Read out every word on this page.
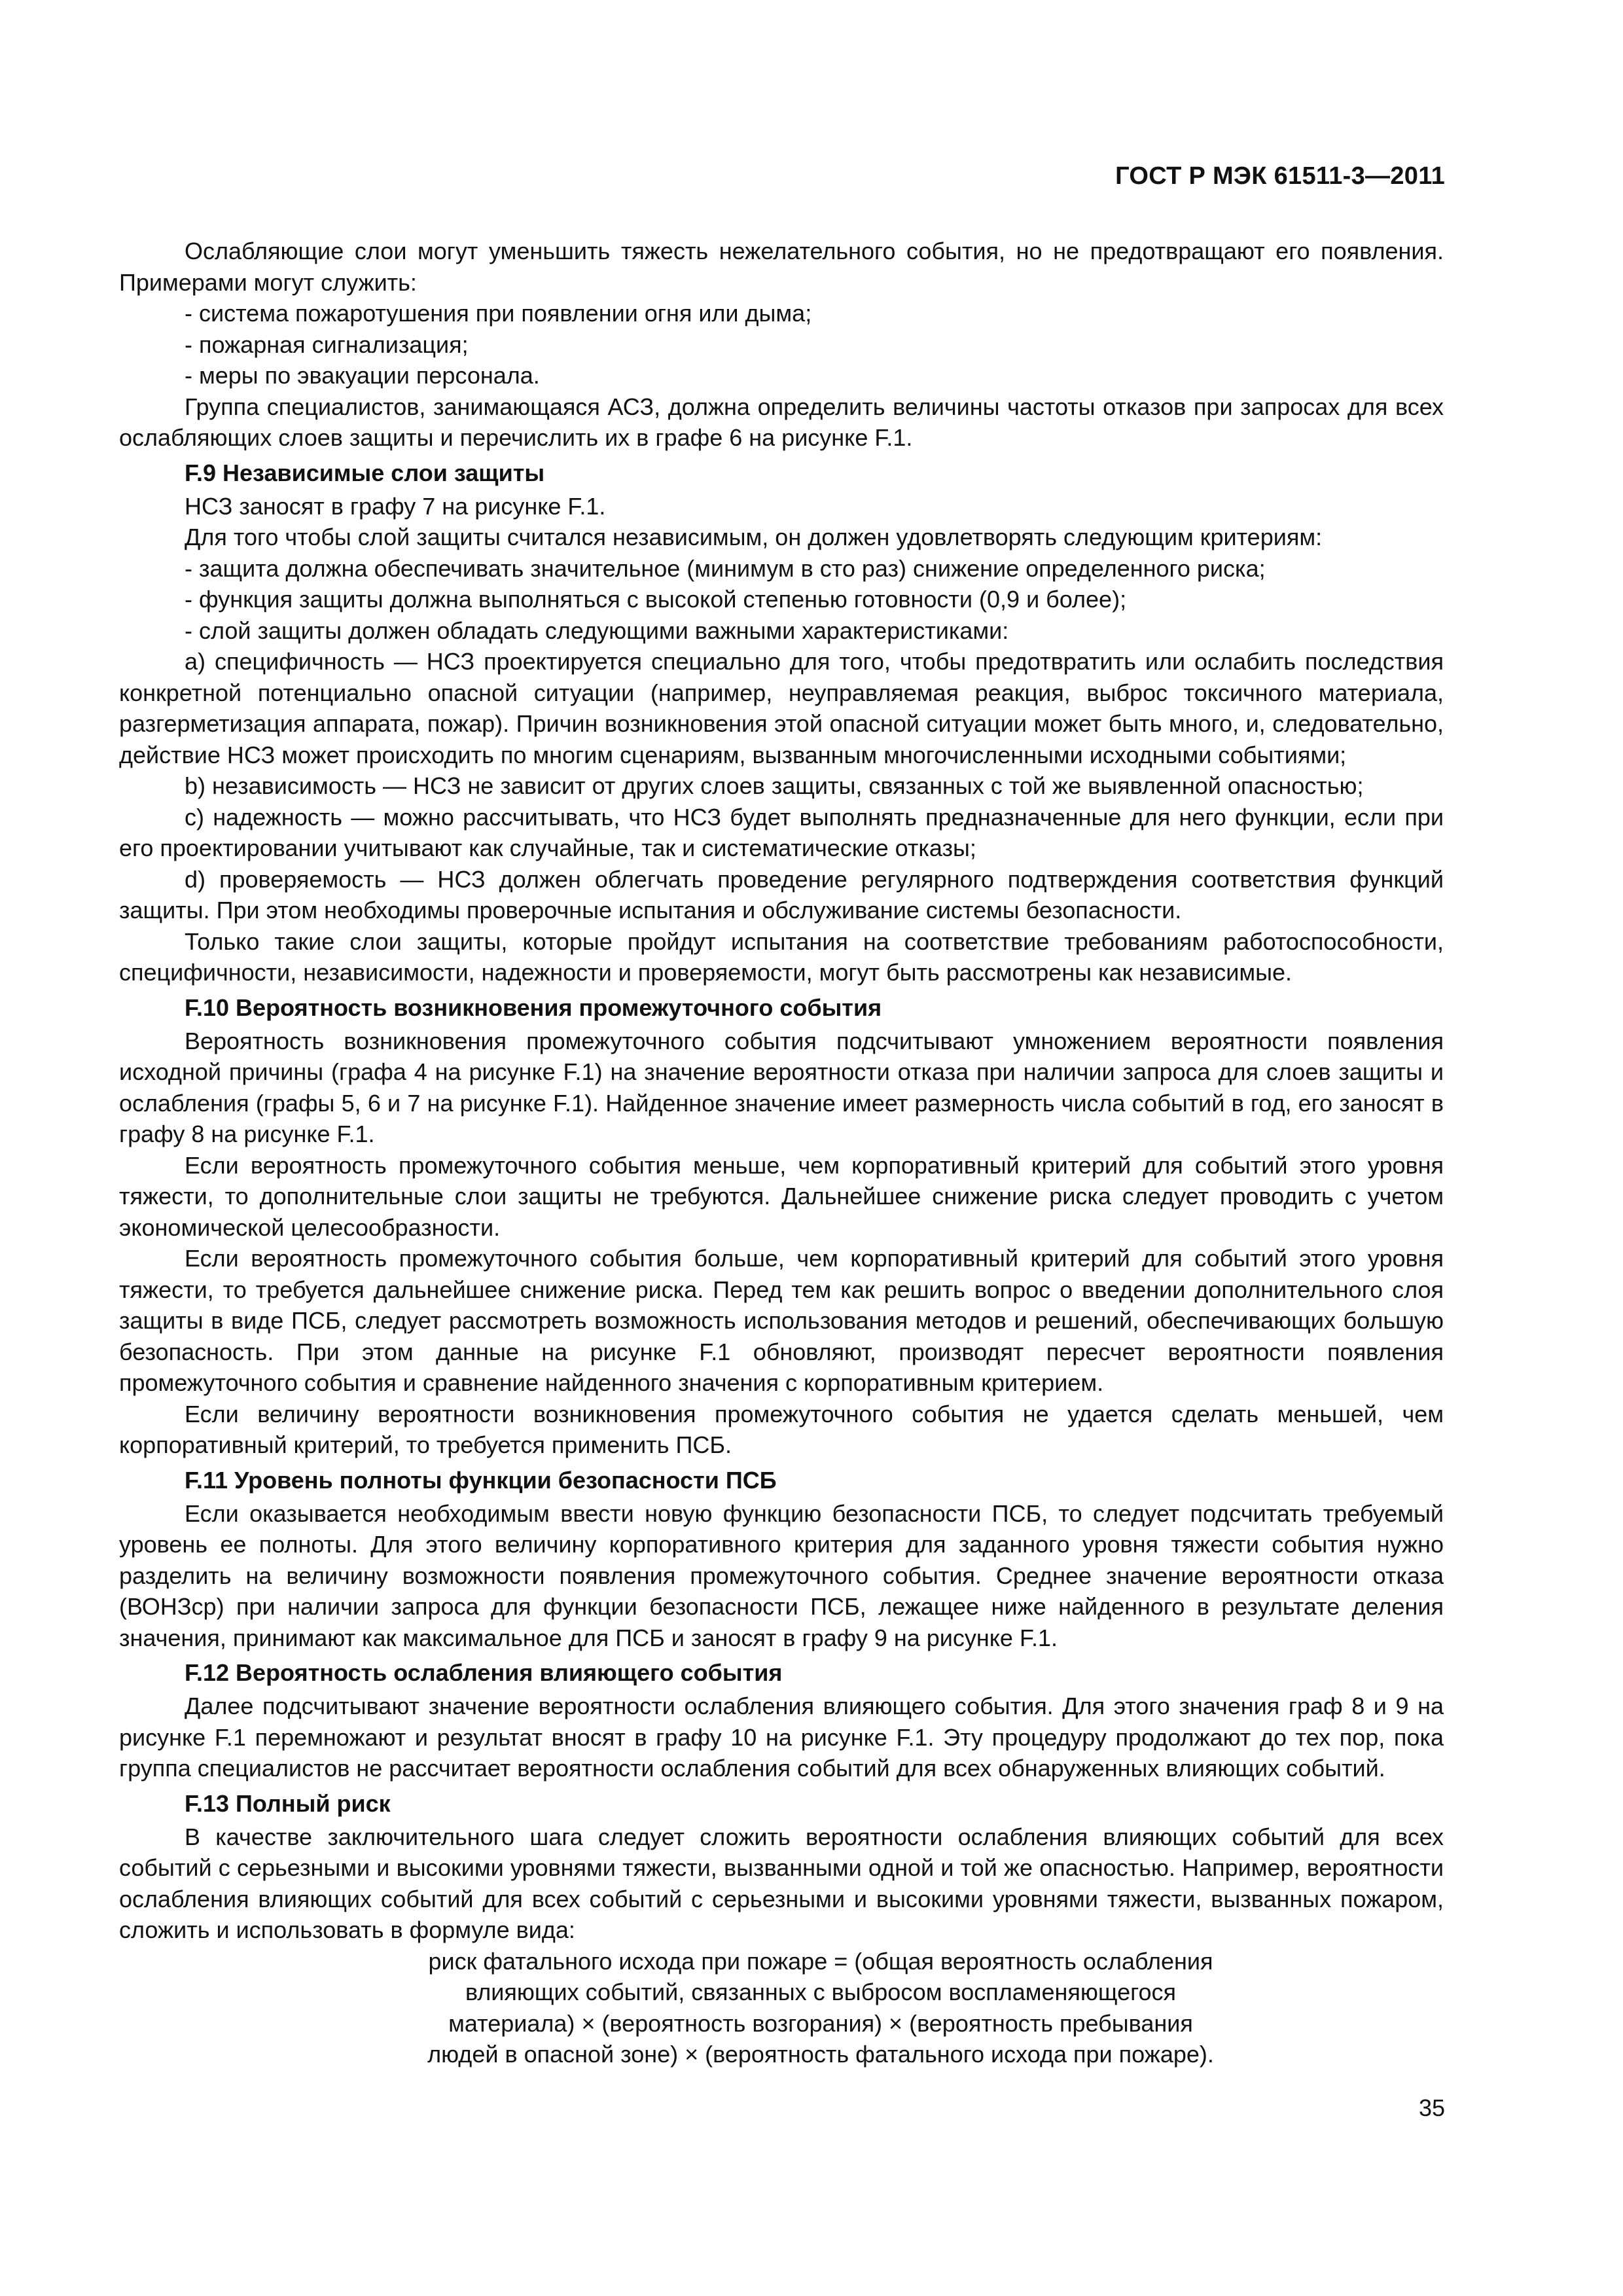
ГОСТ Р МЭК 61511-3—2011

Ослабляющие слои могут уменьшить тяжесть нежелательного события, но не предотвращают его появления. Примерами могут служить:

- система пожаротушения при появлении огня или дыма;

- пожарная сигнализация;

- меры по эвакуации персонала.

Группа специалистов, занимающаяся АСЗ, должна определить величины частоты отказов при запросах для всех ослабляющих слоев защиты и перечислить их в графе 6 на рисунке F.1.

F.9 Независимые слои защиты

НСЗ заносят в графу 7 на рисунке F.1.

Для того чтобы слой защиты считался независимым, он должен удовлетворять следующим критериям:

- защита должна обеспечивать значительное (минимум в сто раз) снижение определенного риска;

- функция защиты должна выполняться с высокой степенью готовности (0,9 и более);

- слой защиты должен обладать следующими важными характеристиками:

а) специфичность — НСЗ проектируется специально для того, чтобы предотвратить или ослабить последствия конкретной потенциально опасной ситуации (например, неуправляемая реакция, выброс токсичного материала, разгерметизация аппарата, пожар). Причин возникновения этой опасной ситуации может быть много, и, следовательно, действие НСЗ может происходить по многим сценариям, вызванным многочисленными исходными событиями;

b) независимость — НСЗ не зависит от других слоев защиты, связанных с той же выявленной опасностью;

c) надежность — можно рассчитывать, что НСЗ будет выполнять предназначенные для него функции, если при его проектировании учитывают как случайные, так и систематические отказы;

d) проверяемость — НСЗ должен облегчать проведение регулярного подтверждения соответствия функций защиты. При этом необходимы проверочные испытания и обслуживание системы безопасности.

Только такие слои защиты, которые пройдут испытания на соответствие требованиям работоспособности, специфичности, независимости, надежности и проверяемости, могут быть рассмотрены как независимые.

F.10 Вероятность возникновения промежуточного события

Вероятность возникновения промежуточного события подсчитывают умножением вероятности появления исходной причины (графа 4 на рисунке F.1) на значение вероятности отказа при наличии запроса для слоев защиты и ослабления (графы 5, 6 и 7 на рисунке F.1). Найденное значение имеет размерность числа событий в год, его заносят в графу 8 на рисунке F.1.

Если вероятность промежуточного события меньше, чем корпоративный критерий для событий этого уровня тяжести, то дополнительные слои защиты не требуются. Дальнейшее снижение риска следует проводить с учетом экономической целесообразности.

Если вероятность промежуточного события больше, чем корпоративный критерий для событий этого уровня тяжести, то требуется дальнейшее снижение риска. Перед тем как решить вопрос о введении дополнительного слоя защиты в виде ПСБ, следует рассмотреть возможность использования методов и решений, обеспечивающих большую безопасность. При этом данные на рисунке F.1 обновляют, производят пересчет вероятности появления промежуточного события и сравнение найденного значения с корпоративным критерием.

Если величину вероятности возникновения промежуточного события не удается сделать меньшей, чем корпоративный критерий, то требуется применить ПСБ.

F.11 Уровень полноты функции безопасности ПСБ

Если оказывается необходимым ввести новую функцию безопасности ПСБ, то следует подсчитать требуемый уровень ее полноты. Для этого величину корпоративного критерия для заданного уровня тяжести события нужно разделить на величину возможности появления промежуточного события. Среднее значение вероятности отказа (ВОНЗср) при наличии запроса для функции безопасности ПСБ, лежащее ниже найденного в результате деления значения, принимают как максимальное для ПСБ и заносят в графу 9 на рисунке F.1.

F.12 Вероятность ослабления влияющего события

Далее подсчитывают значение вероятности ослабления влияющего события. Для этого значения граф 8 и 9 на рисунке F.1 перемножают и результат вносят в графу 10 на рисунке F.1. Эту процедуру продолжают до тех пор, пока группа специалистов не рассчитает вероятности ослабления событий для всех обнаруженных влияющих событий.

F.13 Полный риск

В качестве заключительного шага следует сложить вероятности ослабления влияющих событий для всех событий с серьезными и высокими уровнями тяжести, вызванными одной и той же опасностью. Например, вероятности ослабления влияющих событий для всех событий с серьезными и высокими уровнями тяжести, вызванных пожаром, сложить и использовать в формуле вида:

риск фатального исхода при пожаре = (общая вероятность ослабления
влияющих событий, связанных с выбросом воспламеняющегося
материала) × (вероятность возгорания) × (вероятность пребывания
людей в опасной зоне) × (вероятность фатального исхода при пожаре).

35
